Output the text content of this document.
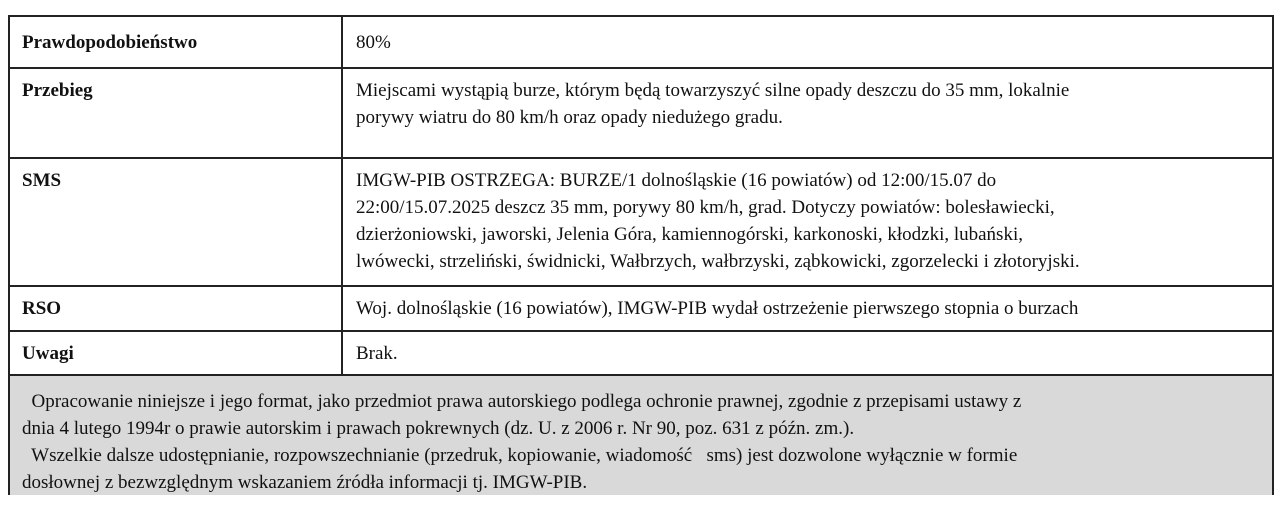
Prawdopodobieństwo	80%

Przebieg	Miejscami wystąpią burze, którym będą towarzyszyć silne opady deszczu do 35 mm, lokalnie

porywy wiatru do 80 km/h oraz opady niedużego gradu.

SMS	IMGW-PIB OSTRZEGA: BURZE/1 dolnośląskie (16 powiatów) od 12:00/15.07 do

22:00/15.07.2025 deszcz 35 mm, porywy 80 km/h, grad. Dotyczy powiatów: bolesławiecki,

dzierżoniowski, jaworski, Jelenia Góra, kamiennogórski, karkonoski, kłodzki, lubański,

lwówecki, strzeliński, świdnicki, Wałbrzych, wałbrzyski, ząbkowicki, zgorzelecki i złotoryjski.

RSO	Woj. dolnośląskie (16 powiatów), IMGW-PIB wydał ostrzeżenie pierwszego stopnia o burzach

Uwagi	Brak.

Opracowanie niniejsze i jego format, jako przedmiot prawa autorskiego podlega ochronie prawnej, zgodnie z przepisami ustawy z

dnia 4 lutego 1994r o prawie autorskim i prawach pokrewnych (dz. U. z 2006 r. Nr 90, poz. 631 z późn. zm.).

Wszelkie dalsze udostępnianie, rozpowszechnianie (przedruk, kopiowanie, wiadomość   sms) jest dozwolone wyłącznie w formie

dosłownej z bezwzględnym wskazaniem źródła informacji tj. IMGW-PIB.
